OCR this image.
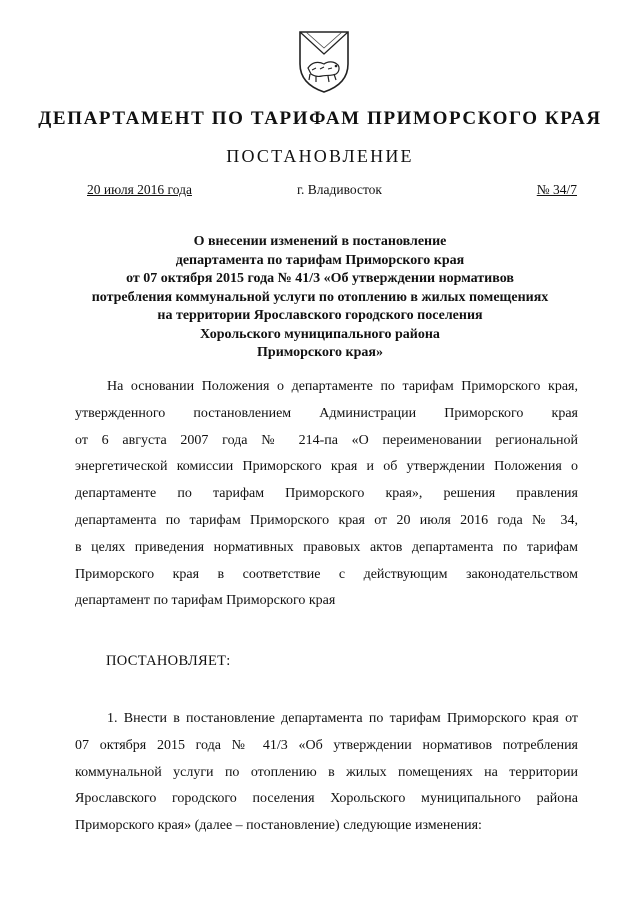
ДЕПАРТАМЕНТ ПО ТАРИФАМ ПРИМОРСКОГО КРАЯ
ПОСТАНОВЛЕНИЕ
20 июля 2016 года	г. Владивосток	№ 34/7
О внесении изменений в постановление
департамента по тарифам Приморского края
от 07 октября 2015 года № 41/3 «Об утверждении нормативов
потребления коммунальной услуги по отоплению в жилых помещениях
на территории Ярославского городского поселения
Хорольского муниципального района
Приморского края»
На основании Положения о департаменте по тарифам Приморского края,
утвержденного постановлением Администрации Приморского края
от 6 августа 2007 года № 214-па «О переименовании региональной
энергетической комиссии Приморского края и об утверждении Положения о
департаменте по тарифам Приморского края», решения правления
департамента по тарифам Приморского края от 20 июля 2016 года № 34,
в целях приведения нормативных правовых актов департамента по тарифам
Приморского края в соответствие с действующим законодательством
департамент по тарифам Приморского края
ПОСТАНОВЛЯЕТ:
1. Внести в постановление департамента по тарифам Приморского края от
07 октября 2015 года № 41/3 «Об утверждении нормативов потребления
коммунальной услуги по отоплению в жилых помещениях на территории
Ярославского городского поселения Хорольского муниципального района
Приморского края» (далее – постановление) следующие изменения:
